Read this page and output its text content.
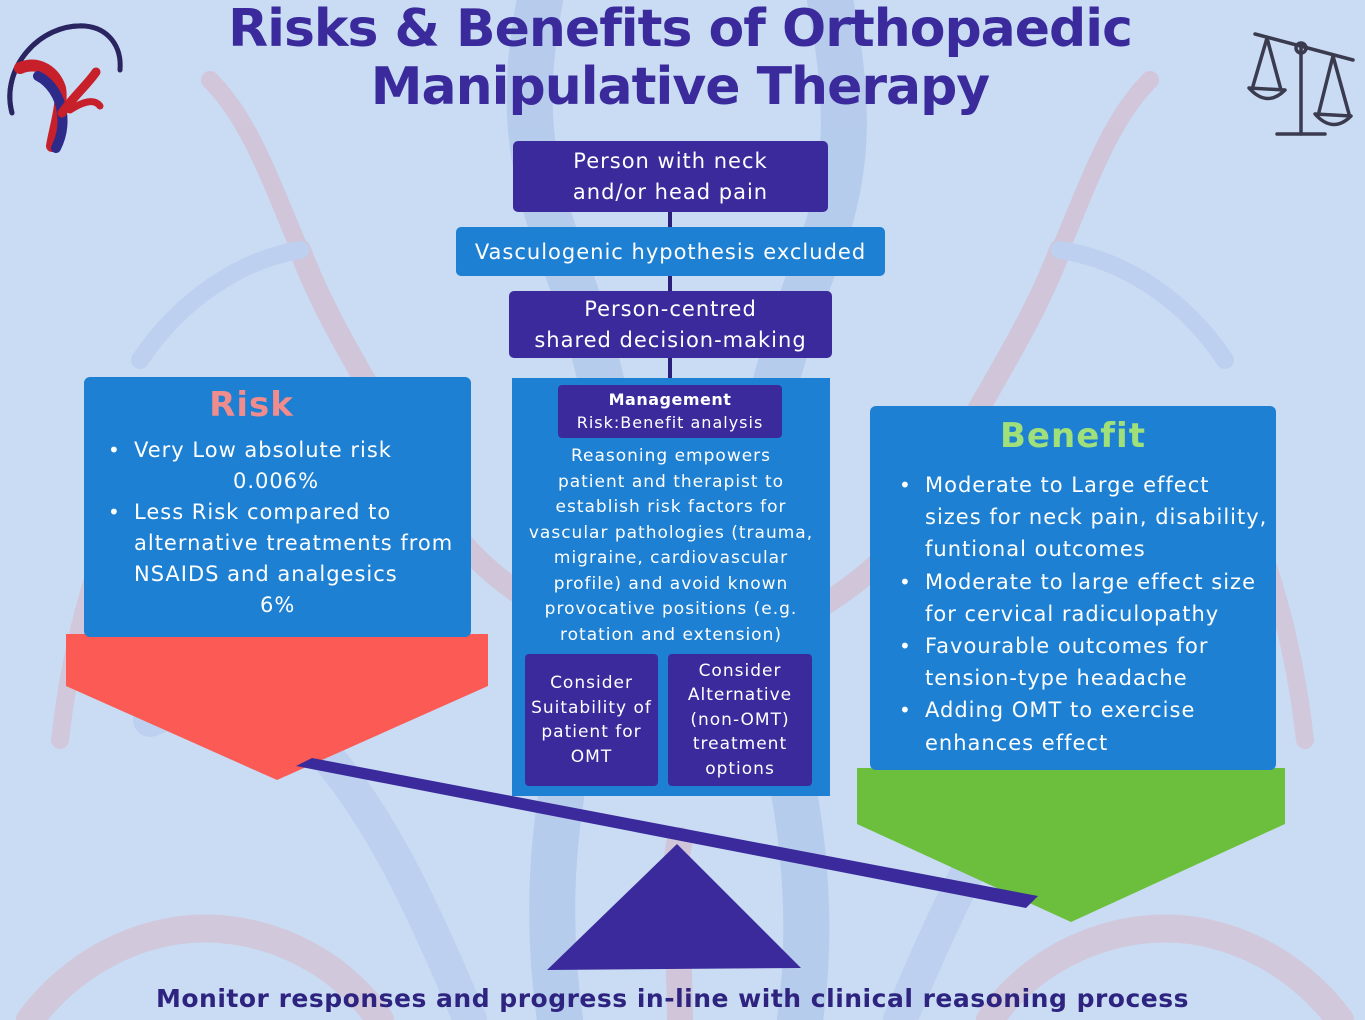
Risks & Benefits of Orthopaedic
Manipulative Therapy
Person with neck
and/or head pain
Vasculogenic hypothesis excluded
Person-centred
shared decision-making
Risk
• Very Low absolute risk
0.006%
• Less Risk compared to
alternative treatments from
NSAIDS and analgesics
6%
Benefit
• Moderate to Large effect
sizes for neck pain, disability,
funtional outcomes
• Moderate to large effect size
for cervical radiculopathy
• Favourable outcomes for
tension-type headache
• Adding OMT to exercise
enhances effect
Management
Risk:Benefit analysis
Reasoning empowers
patient and therapist to
establish risk factors for
vascular pathologies (trauma,
migraine, cardiovascular
profile) and avoid known
provocative positions (e.g.
rotation and extension)
Consider
Suitability of
patient for
OMT
Consider
Alternative
(non-OMT)
treatment
options
Monitor responses and progress in-line with clinical reasoning process
